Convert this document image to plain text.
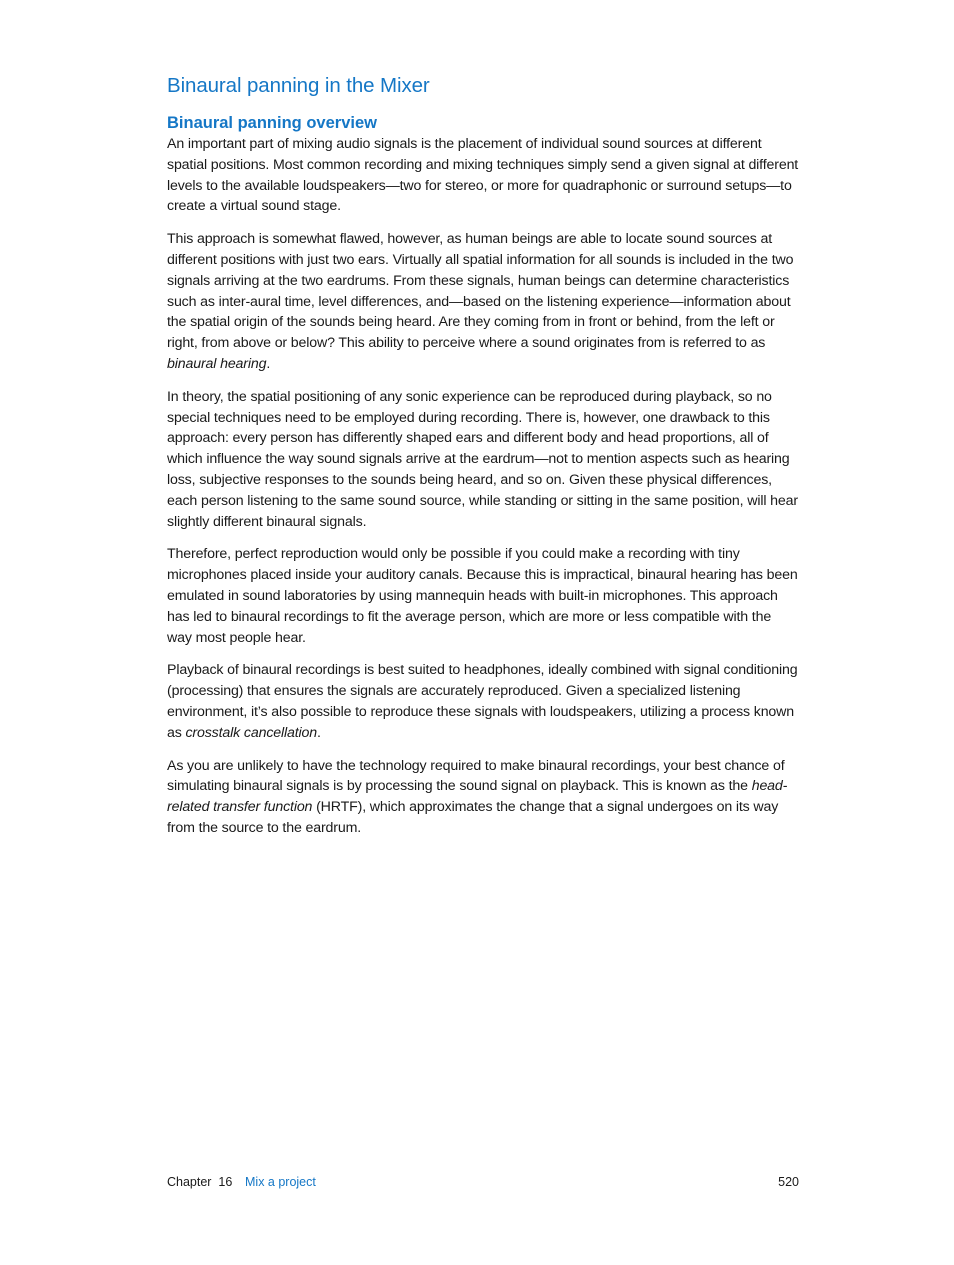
Binaural panning in the Mixer
Binaural panning overview

An important part of mixing audio signals is the placement of individual sound sources at different spatial positions. Most common recording and mixing techniques simply send a given signal at different levels to the available loudspeakers—two for stereo, or more for quadraphonic or surround setups—to create a virtual sound stage.

This approach is somewhat flawed, however, as human beings are able to locate sound sources at different positions with just two ears. Virtually all spatial information for all sounds is included in the two signals arriving at the two eardrums. From these signals, human beings can determine characteristics such as inter-aural time, level differences, and—based on the listening experience—information about the spatial origin of the sounds being heard. Are they coming from in front or behind, from the left or right, from above or below? This ability to perceive where a sound originates from is referred to as binaural hearing.

In theory, the spatial positioning of any sonic experience can be reproduced during playback, so no special techniques need to be employed during recording. There is, however, one drawback to this approach: every person has differently shaped ears and different body and head proportions, all of which influence the way sound signals arrive at the eardrum—not to mention aspects such as hearing loss, subjective responses to the sounds being heard, and so on. Given these physical differences, each person listening to the same sound source, while standing or sitting in the same position, will hear slightly different binaural signals.

Therefore, perfect reproduction would only be possible if you could make a recording with tiny microphones placed inside your auditory canals. Because this is impractical, binaural hearing has been emulated in sound laboratories by using mannequin heads with built-in microphones. This approach has led to binaural recordings to fit the average person, which are more or less compatible with the way most people hear.

Playback of binaural recordings is best suited to headphones, ideally combined with signal conditioning (processing) that ensures the signals are accurately reproduced. Given a specialized listening environment, it’s also possible to reproduce these signals with loudspeakers, utilizing a process known as crosstalk cancellation.

As you are unlikely to have the technology required to make binaural recordings, your best chance of simulating binaural signals is by processing the sound signal on playback. This is known as the head-related transfer function (HRTF), which approximates the change that a signal undergoes on its way from the source to the eardrum.

Chapter  16 Mix a project	520
